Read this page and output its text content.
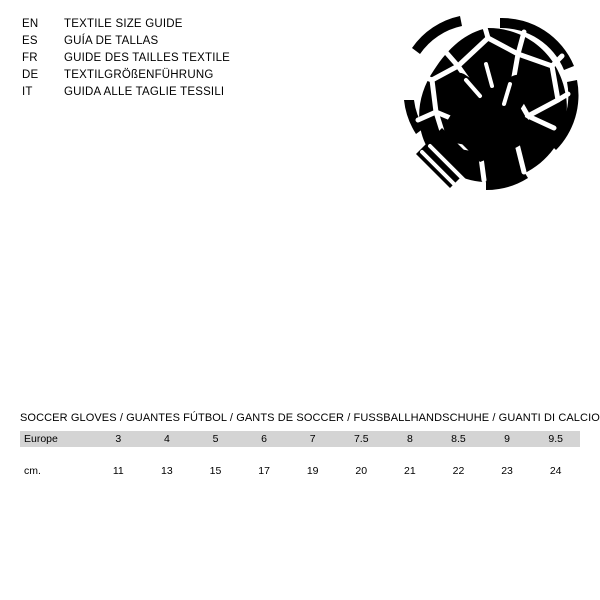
EN	TEXTILE SIZE GUIDE
ES	GUÍA DE TALLAS
FR	GUIDE DES TAILLES TEXTILE
DE	TEXTILGRÖßENFÜHRUNG
IT	GUIDA ALLE TAGLIE TESSILI
SOCCER GLOVES / GUANTES FÚTBOL / GANTS DE SOCCER / FUSSBALLHANDSCHUHE / GUANTI DI CALCIO
Europe	3	4	5	6	7	7.5	8	8.5	9	9.5

cm.	11	13	15	17	19	20	21	22	23	24
